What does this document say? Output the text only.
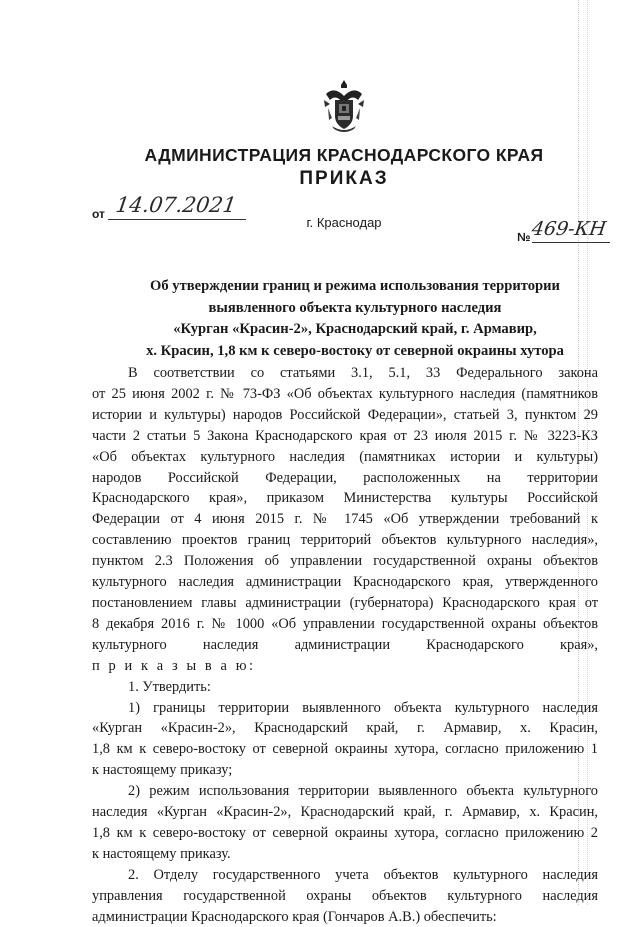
АДМИНИСТРАЦИЯ КРАСНОДАРСКОГО КРАЯ
ПРИКАЗ
от 14.07.2021
г. Краснодар
№ 469-КН
Об утверждении границ и режима использования территории
выявленного объекта культурного наследия
«Курган «Красин-2», Краснодарский край, г. Армавир,
х. Красин, 1,8 км к северо-востоку от северной окраины хутора
В соответствии со статьями 3.1, 5.1, 33 Федерального закона
от 25 июня 2002 г. № 73-ФЗ «Об объектах культурного наследия (памятников
истории и культуры) народов Российской Федерации», статьей 3, пунктом 29
части 2 статьи 5 Закона Краснодарского края от 23 июля 2015 г. № 3223-КЗ
«Об объектах культурного наследия (памятниках истории и культуры)
народов Российской Федерации, расположенных на территории
Краснодарского края», приказом Министерства культуры Российской
Федерации от 4 июня 2015 г. № 1745 «Об утверждении требований к
составлению проектов границ территорий объектов культурного наследия»,
пунктом 2.3 Положения об управлении государственной охраны объектов
культурного наследия администрации Краснодарского края, утвержденного
постановлением главы администрации (губернатора) Краснодарского края от
8 декабря 2016 г. № 1000 «Об управлении государственной охраны объектов
культурного наследия администрации Краснодарского края»,
п р и к а з ы в а ю:
1. Утвердить:
1) границы территории выявленного объекта культурного наследия
«Курган «Красин-2», Краснодарский край, г. Армавир, х. Красин,
1,8 км к северо-востоку от северной окраины хутора, согласно приложению 1
к настоящему приказу;
2) режим использования территории выявленного объекта культурного
наследия «Курган «Красин-2», Краснодарский край, г. Армавир, х. Красин,
1,8 км к северо-востоку от северной окраины хутора, согласно приложению 2
к настоящему приказу.
2. Отделу государственного учета объектов культурного наследия
управления государственной охраны объектов культурного наследия
администрации Краснодарского края (Гончаров А.В.) обеспечить:
